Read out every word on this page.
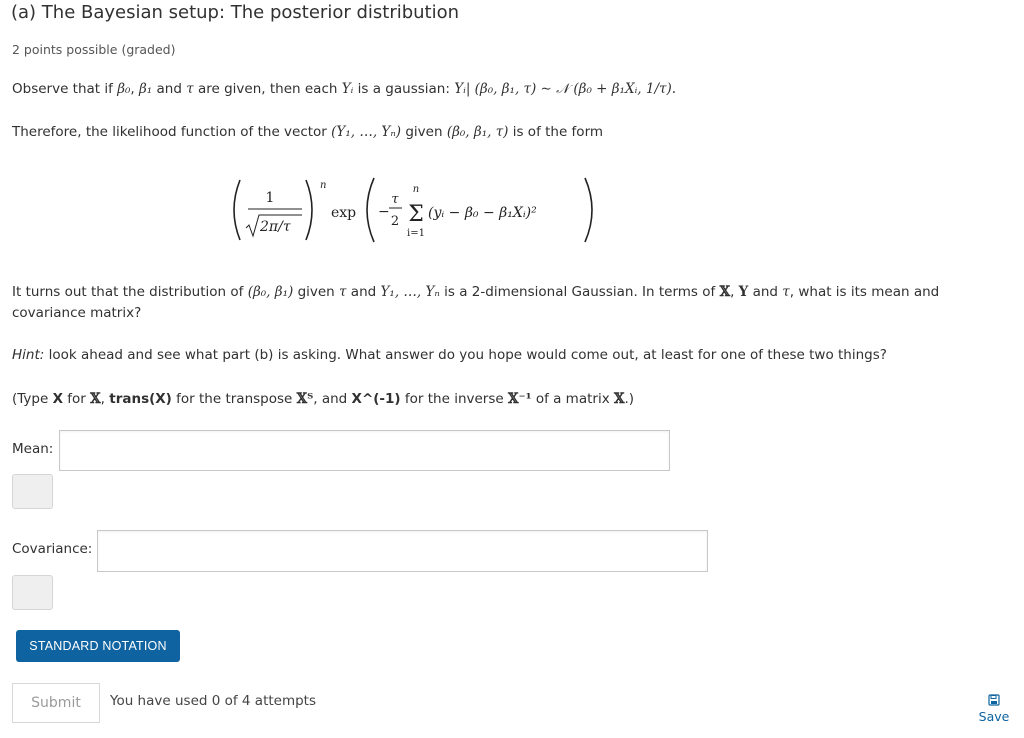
(a) The Bayesian setup: The posterior distribution
2 points possible (graded)

Observe that if β₀, β₁ and τ are given, then each Yᵢ is a gaussian: Yᵢ| (β₀, β₁, τ) ∼ 𝒩 (β₀ + β₁Xᵢ, 1/τ).

Therefore, the likelihood function of the vector (Y₁, …, Yₙ) given (β₀, β₁, τ) is of the form

1
2π/τ
n
exp −
τ
2
n
Σ
i=1
(yᵢ − β₀ − β₁Xᵢ)²

It turns out that the distribution of (β₀, β₁) given τ and Y₁, …, Yₙ is a 2-dimensional Gaussian. In terms of 𝕏, Y and τ, what is its mean and

covariance matrix?

Hint: look ahead and see what part (b) is asking. What answer do you hope would come out, at least for one of these two things?

(Type X for 𝕏, trans(X) for the transpose 𝕏ᵀ, and X^(-1) for the inverse 𝕏⁻¹ of a matrix 𝕏.)

Mean:
Covariance:
STANDARD NOTATION
Submit	You have used 0 of 4 attempts
Save
